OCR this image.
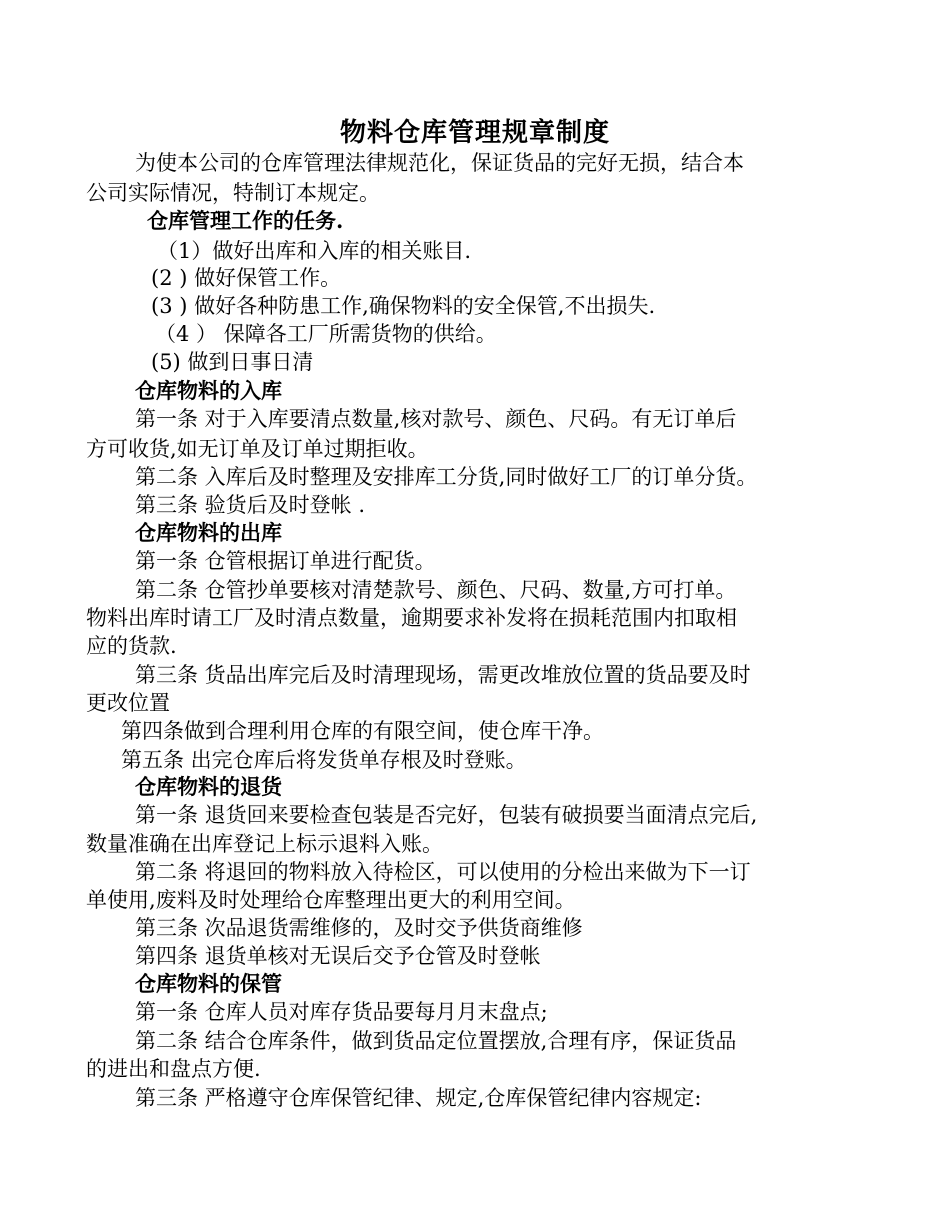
物料仓库管理规章制度
为使本公司的仓库管理法律规范化，保证货品的完好无损，结合本
公司实际情况，特制订本规定。
仓库管理工作的任务.
（1）做好出库和入库的相关账目.
(2 ) 做好保管工作。
(3 ) 做好各种防患工作,确保物料的安全保管,不出损失.
（4 ） 保障各工厂所需货物的供给。
(5) 做到日事日清
仓库物料的入库
第一条 对于入库要清点数量,核对款号、颜色、尺码。有无订单后
方可收货,如无订单及订单过期拒收。
第二条 入库后及时整理及安排库工分货,同时做好工厂的订单分货。
第三条 验货后及时登帐 .
仓库物料的出库
第一条 仓管根据订单进行配货。
第二条 仓管抄单要核对清楚款号、颜色、尺码、数量,方可打单。
物料出库时请工厂及时清点数量，逾期要求补发将在损耗范围内扣取相
应的货款.
第三条 货品出库完后及时清理现场，需更改堆放位置的货品要及时
更改位置
第四条做到合理利用仓库的有限空间，使仓库干净。
第五条 出完仓库后将发货单存根及时登账。
仓库物料的退货
第一条 退货回来要检查包装是否完好，包装有破损要当面清点完后,
数量准确在出库登记上标示退料入账。
第二条 将退回的物料放入待检区，可以使用的分检出来做为下一订
单使用,废料及时处理给仓库整理出更大的利用空间。
第三条 次品退货需维修的，及时交予供货商维修
第四条 退货单核对无误后交予仓管及时登帐
仓库物料的保管
第一条 仓库人员对库存货品要每月月末盘点;
第二条 结合仓库条件，做到货品定位置摆放,合理有序，保证货品
的进出和盘点方便.
第三条 严格遵守仓库保管纪律、规定,仓库保管纪律内容规定:
